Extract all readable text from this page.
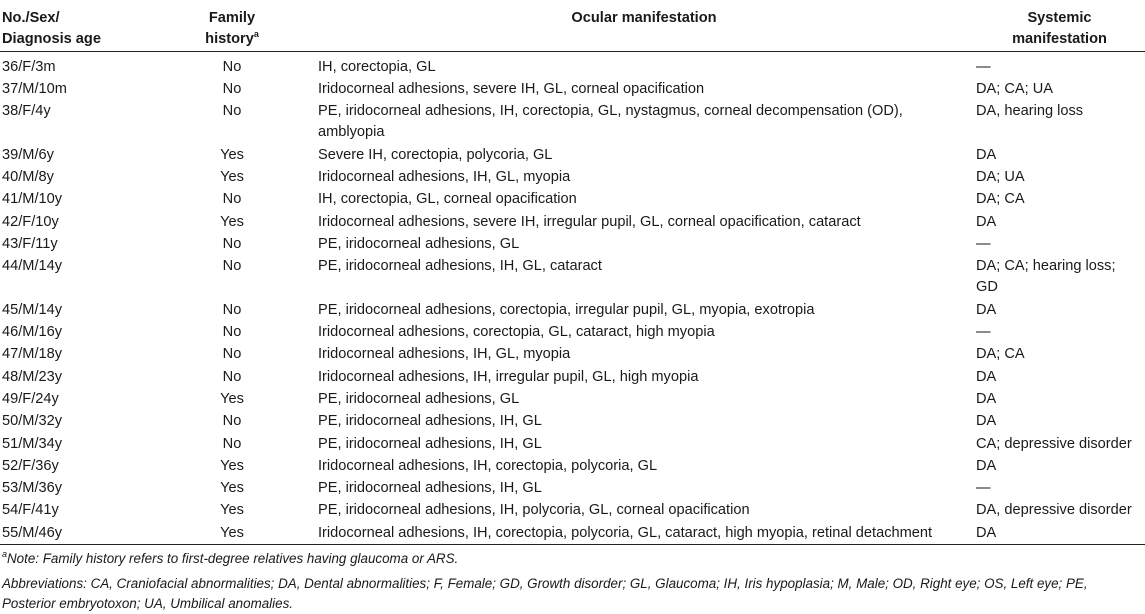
No./Sex/
Diagnosis age	Family
history$^a$	Ocular manifestation	Systemic
manifestation
36/F/3m	No	IH, corectopia, GL	—
37/M/10m	No	Iridocorneal adhesions, severe IH, GL, corneal opacification	DA; CA; UA
38/F/4y	No	PE, iridocorneal adhesions, IH, corectopia, GL, nystagmus, corneal decompensation (OD), amblyopia	DA, hearing loss
39/M/6y	Yes	Severe IH, corectopia, polycoria, GL	DA
40/M/8y	Yes	Iridocorneal adhesions, IH, GL, myopia	DA; UA
41/M/10y	No	IH, corectopia, GL, corneal opacification	DA; CA
42/F/10y	Yes	Iridocorneal adhesions, severe IH, irregular pupil, GL, corneal opacification, cataract	DA
43/F/11y	No	PE, iridocorneal adhesions, GL	—
44/M/14y	No	PE, iridocorneal adhesions, IH, GL, cataract	DA; CA; hearing loss; GD
45/M/14y	No	PE, iridocorneal adhesions, corectopia, irregular pupil, GL, myopia, exotropia	DA
46/M/16y	No	Iridocorneal adhesions, corectopia, GL, cataract, high myopia	—
47/M/18y	No	Iridocorneal adhesions, IH, GL, myopia	DA; CA
48/M/23y	No	Iridocorneal adhesions, IH, irregular pupil, GL, high myopia	DA
49/F/24y	Yes	PE, iridocorneal adhesions, GL	DA
50/M/32y	No	PE, iridocorneal adhesions, IH, GL	DA
51/M/34y	No	PE, iridocorneal adhesions, IH, GL	CA; depressive disorder
52/F/36y	Yes	Iridocorneal adhesions, IH, corectopia, polycoria, GL	DA
53/M/36y	Yes	PE, iridocorneal adhesions, IH, GL	—
54/F/41y	Yes	PE, iridocorneal adhesions, IH, polycoria, GL, corneal opacification	DA, depressive disorder
55/M/46y	Yes	Iridocorneal adhesions, IH, corectopia, polycoria, GL, cataract, high myopia, retinal detachment	DA

$^a$Note: Family history refers to first-degree relatives having glaucoma or ARS.

Abbreviations: CA, Craniofacial abnormalities; DA, Dental abnormalities; F, Female; GD, Growth disorder; GL, Glaucoma; IH, Iris hypoplasia; M, Male; OD, Right eye; OS, Left eye; PE, Posterior embryotoxon; UA, Umbilical anomalies.
